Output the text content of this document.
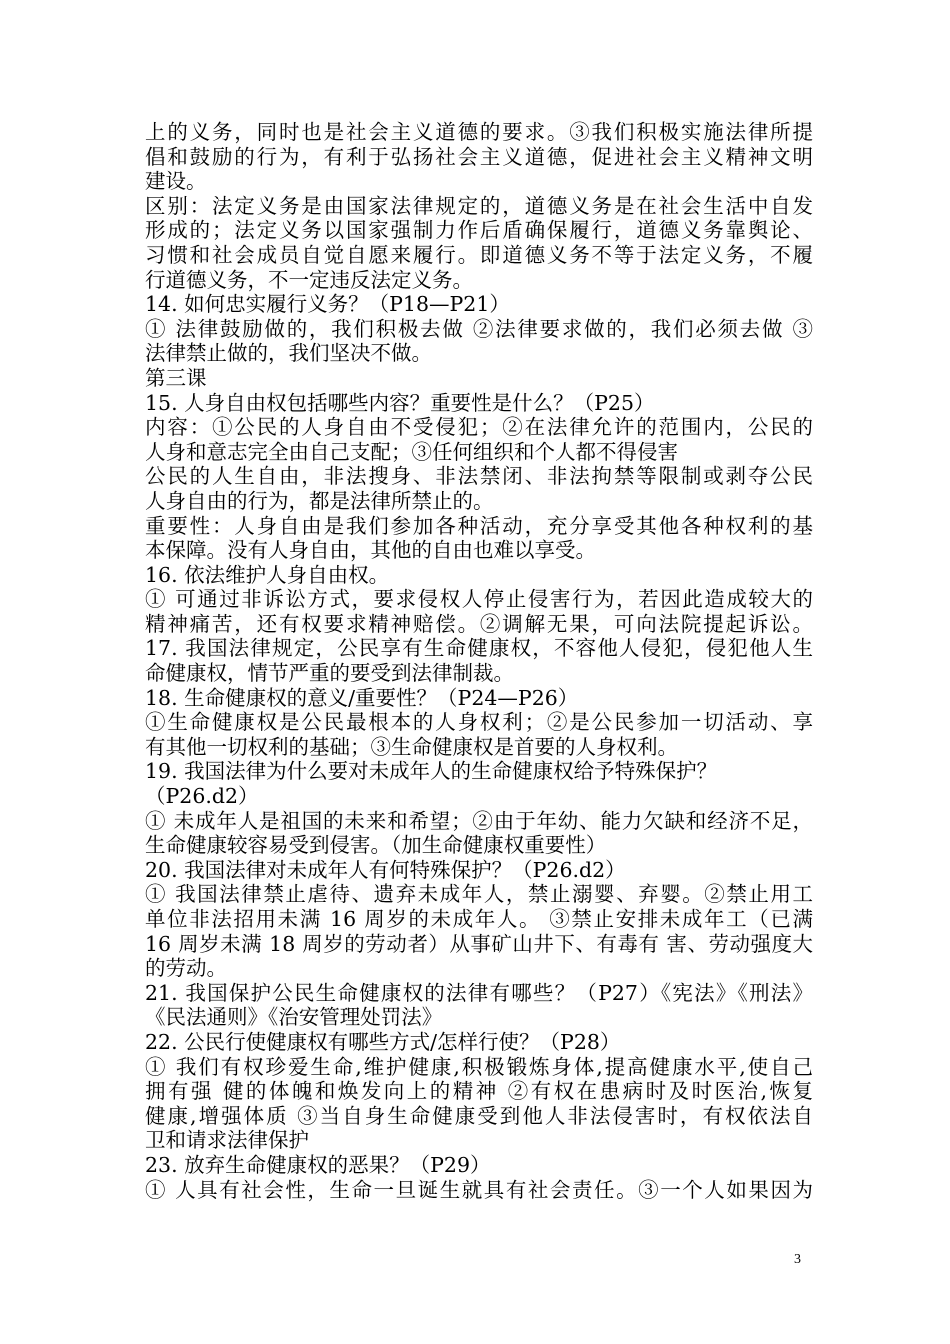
上的义务，同时也是社会主义道德的要求。③我们积极实施法律所提
倡和鼓励的行为，有利于弘扬社会主义道德，促进社会主义精神文明
建设。
区别：法定义务是由国家法律规定的，道德义务是在社会生活中自发
形成的；法定义务以国家强制力作后盾确保履行，道德义务靠舆论、
习惯和社会成员自觉自愿来履行。即道德义务不等于法定义务，不履
行道德义务，不一定违反法定义务。
14. 如何忠实履行义务？（P18—P21）
① 法律鼓励做的，我们积极去做 ②法律要求做的，我们必须去做 ③
法律禁止做的，我们坚决不做。
第三课
15. 人身自由权包括哪些内容？重要性是什么？（P25）
内容：①公民的人身自由不受侵犯；②在法律允许的范围内，公民的
人身和意志完全由自己支配；③任何组织和个人都不得侵害
公民的人生自由，非法搜身、非法禁闭、非法拘禁等限制或剥夺公民
人身自由的行为，都是法律所禁止的。
重要性：人身自由是我们参加各种活动，充分享受其他各种权利的基
本保障。没有人身自由，其他的自由也难以享受。
16. 依法维护人身自由权。
① 可通过非诉讼方式，要求侵权人停止侵害行为，若因此造成较大的
精神痛苦，还有权要求精神赔偿。②调解无果，可向法院提起诉讼。
17. 我国法律规定，公民享有生命健康权，不容他人侵犯，侵犯他人生
命健康权，情节严重的要受到法律制裁。
18. 生命健康权的意义/重要性？（P24—P26）
①生命健康权是公民最根本的人身权利；②是公民参加一切活动、享
有其他一切权利的基础；③生命健康权是首要的人身权利。
19. 我国法律为什么要对未成年人的生命健康权给予特殊保护？
（P26.d2）
① 未成年人是祖国的未来和希望；②由于年幼、能力欠缺和经济不足，
生命健康较容易受到侵害。（加生命健康权重要性）
20. 我国法律对未成年人有何特殊保护？（P26.d2）
① 我国法律禁止虐待、遗弃未成年人，禁止溺婴、弃婴。②禁止用工
单位非法招用未满 16 周岁的未成年人。 ③禁止安排未成年工（已满
16 周岁未满 18 周岁的劳动者）从事矿山井下、有毒有 害、劳动强度大
的劳动。
21. 我国保护公民生命健康权的法律有哪些？（P27）《宪法》《刑法》
《民法通则》《治安管理处罚法》
22. 公民行使健康权有哪些方式/怎样行使？（P28）
① 我们有权珍爱生命,维护健康,积极锻炼身体,提高健康水平,使自己
拥有强 健的体魄和焕发向上的精神 ②有权在患病时及时医治,恢复
健康,增强体质 ③当自身生命健康受到他人非法侵害时，有权依法自
卫和请求法律保护
23. 放弃生命健康权的恶果？（P29）
① 人具有社会性，生命一旦诞生就具有社会责任。③一个人如果因为
3
